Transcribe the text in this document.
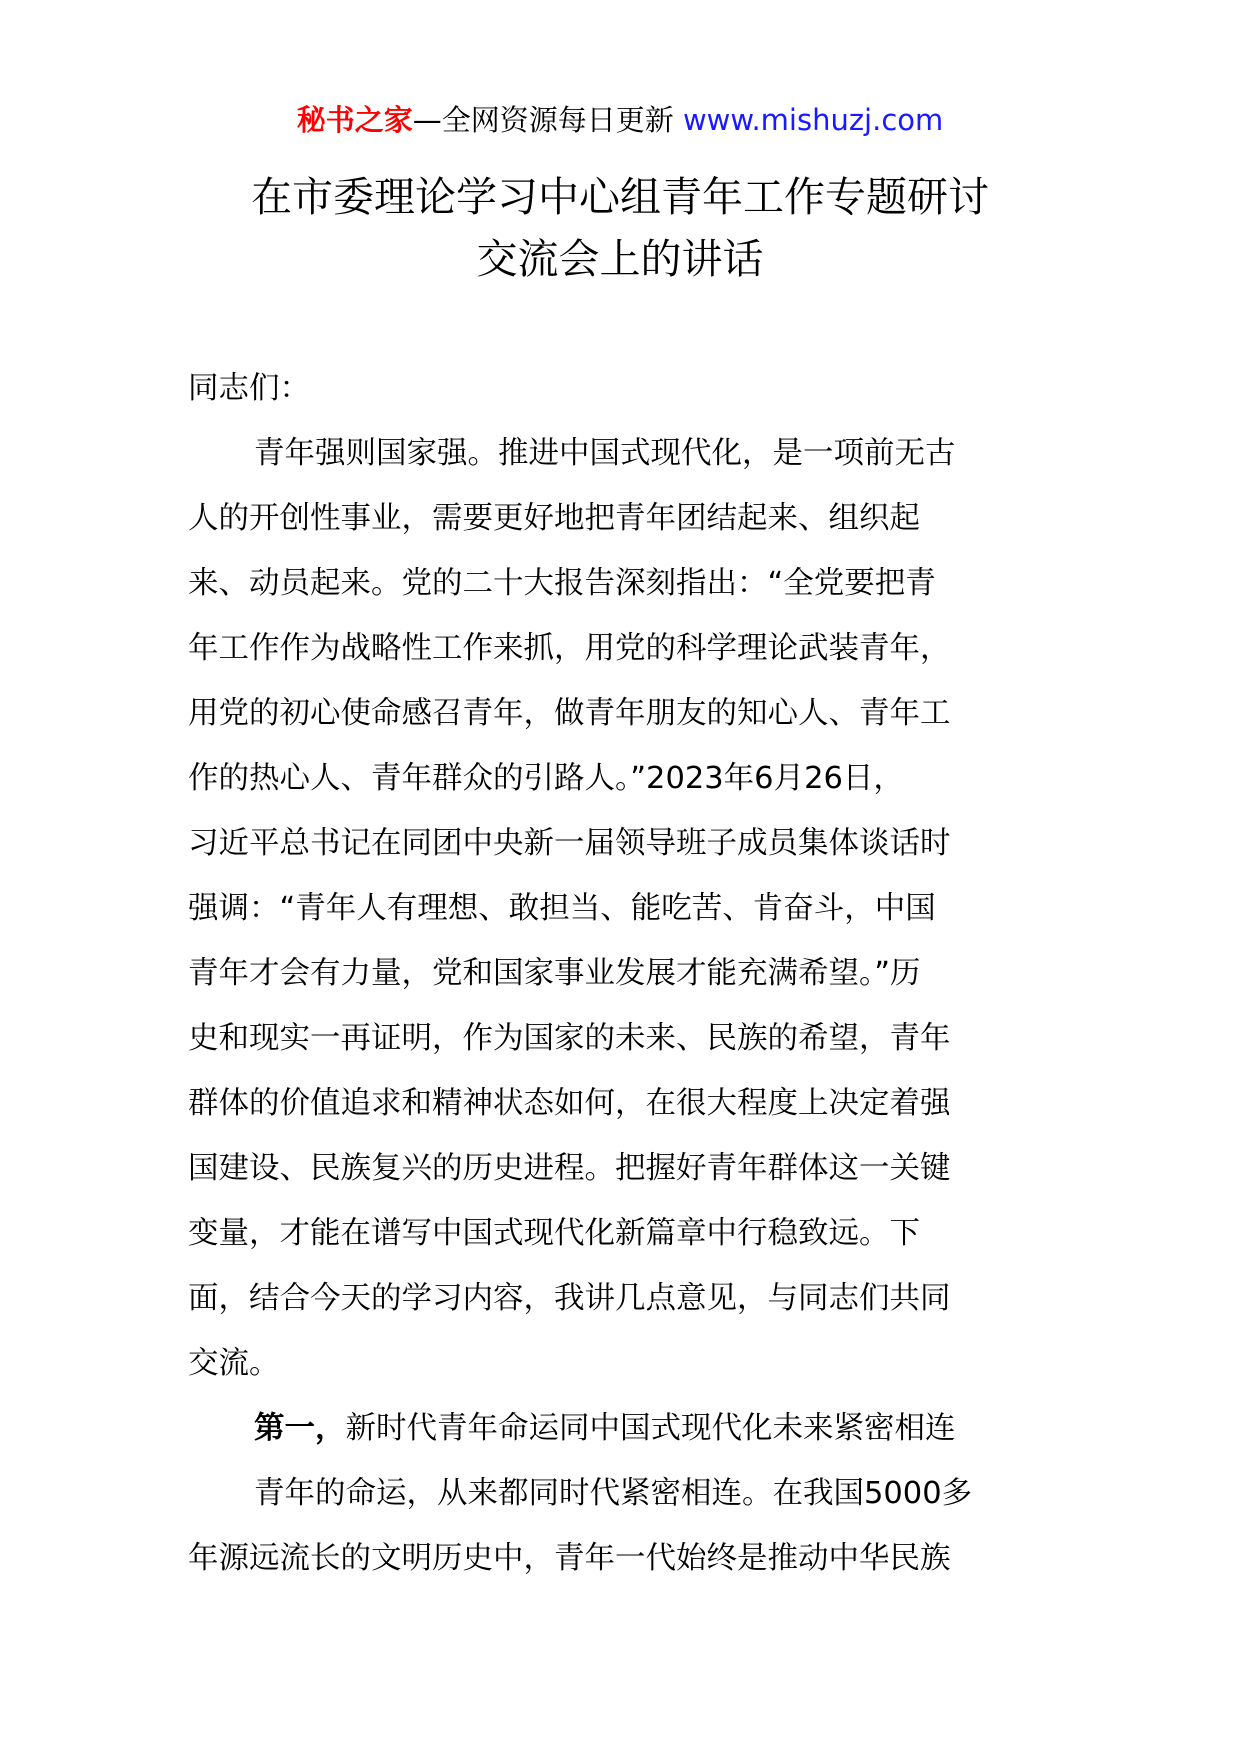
秘书之家—全网资源每日更新 www.mishuzj.com
在市委理论学习中心组青年工作专题研讨
交流会上的讲话
同志们：
青年强则国家强。推进中国式现代化，是一项前无古
人的开创性事业，需要更好地把青年团结起来、组织起
来、动员起来。党的二十大报告深刻指出：“全党要把青
年工作作为战略性工作来抓，用党的科学理论武装青年，
用党的初心使命感召青年，做青年朋友的知心人、青年工
作的热心人、青年群众的引路人。”2023年6月26日，
习近平总书记在同团中央新一届领导班子成员集体谈话时
强调：“青年人有理想、敢担当、能吃苦、肯奋斗，中国
青年才会有力量，党和国家事业发展才能充满希望。”历
史和现实一再证明，作为国家的未来、民族的希望，青年
群体的价值追求和精神状态如何，在很大程度上决定着强
国建设、民族复兴的历史进程。把握好青年群体这一关键
变量，才能在谱写中国式现代化新篇章中行稳致远。下
面，结合今天的学习内容，我讲几点意见，与同志们共同
交流。
第一，新时代青年命运同中国式现代化未来紧密相连
青年的命运，从来都同时代紧密相连。在我国5000多
年源远流长的文明历史中，青年一代始终是推动中华民族
